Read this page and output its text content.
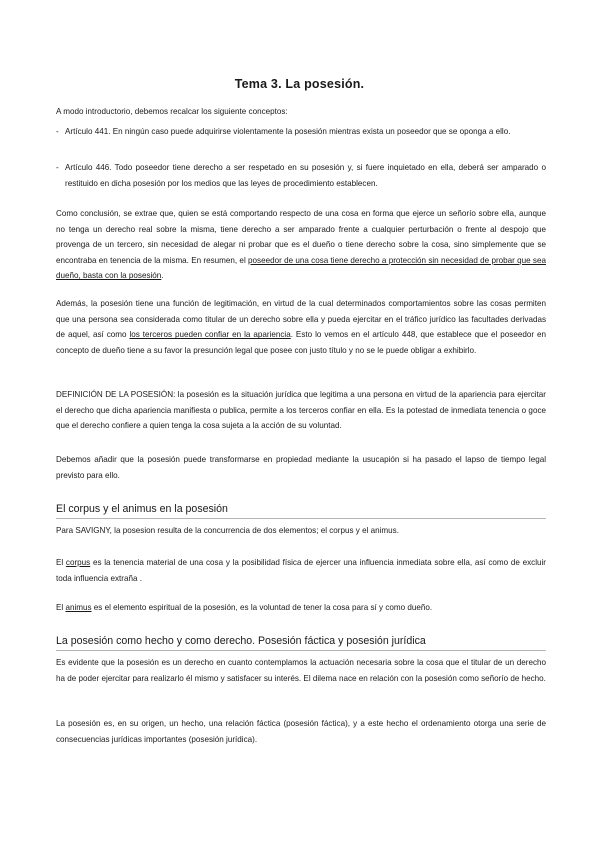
Tema 3. La posesión.

A modo introductorio, debemos recalcar los siguiente conceptos:

- Artículo 441. En ningún caso puede adquirirse violentamente la posesión mientras exista un poseedor que se oponga a ello.

- Artículo 446. Todo poseedor tiene derecho a ser respetado en su posesión y, si fuere inquietado en ella, deberá ser amparado o restituido en dicha posesión por los medios que las leyes de procedimiento establecen.

Como conclusión, se extrae que, quien se está comportando respecto de una cosa en forma que ejerce un señorío sobre ella, aunque no tenga un derecho real sobre la misma, tiene derecho a ser amparado frente a cualquier perturbación o frente al despojo que provenga de un tercero, sin necesidad de alegar ni probar que es el dueño o tiene derecho sobre la cosa, sino simplemente que se encontraba en tenencia de la misma. En resumen, el poseedor de una cosa tiene derecho a protección sin necesidad de probar que sea dueño, basta con la posesión.

Además, la posesión tiene una función de legitimación, en virtud de la cual determinados comportamientos sobre las cosas permiten que una persona sea considerada como titular de un derecho sobre ella y pueda ejercitar en el tráfico jurídico las facultades derivadas de aquel, así como los terceros pueden confiar en la apariencia. Esto lo vemos en el artículo 448, que establece que el poseedor en concepto de dueño tiene a su favor la presunción legal que posee con justo título y no se le puede obligar a exhibirlo.

DEFINICIÓN DE LA POSESIÓN: la posesión es la situación jurídica que legitima a una persona en virtud de la apariencia para ejercitar el derecho que dicha apariencia manifiesta o publica, permite a los terceros confiar en ella. Es la potestad de inmediata tenencia o goce que el derecho confiere a quien tenga la cosa sujeta a la acción de su voluntad.

Debemos añadir que la posesión puede transformarse en propiedad mediante la usucapión si ha pasado el lapso de tiempo legal previsto para ello.

El corpus y el animus en la posesión

Para SAVIGNY, la posesion resulta de la concurrencia de dos elementos; el corpus y el animus.

El corpus es la tenencia material de una cosa y la posibilidad física de ejercer una influencia inmediata sobre ella, así como de excluir toda influencia extraña .

El animus es el elemento espiritual de la posesión, es la voluntad de tener la cosa para sí y como dueño.

La posesión como hecho y como derecho. Posesión fáctica y posesión jurídica

Es evidente que la posesión es un derecho en cuanto contemplamos la actuación necesaria sobre la cosa que el titular de un derecho ha de poder ejercitar para realizarlo él mismo y satisfacer su interés. El dilema nace en relación con la posesión como señorío de hecho.

La posesión es, en su origen, un hecho, una relación fáctica (posesión fáctica), y a este hecho el ordenamiento otorga una serie de consecuencias jurídicas importantes (posesión jurídica).
